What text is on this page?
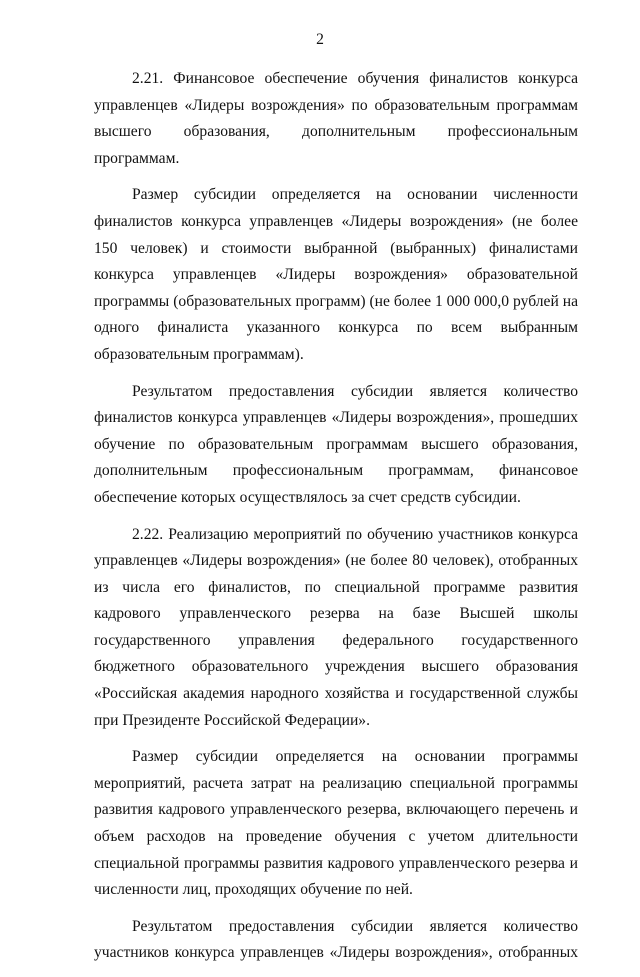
2

2.21. Финансовое обеспечение обучения финалистов конкурса управленцев «Лидеры возрождения» по образовательным программам высшего образования, дополнительным профессиональным программам.

Размер субсидии определяется на основании численности финалистов конкурса управленцев «Лидеры возрождения» (не более 150 человек) и стоимости выбранной (выбранных) финалистами конкурса управленцев «Лидеры возрождения» образовательной программы (образовательных программ) (не более 1 000 000,0 рублей на одного финалиста указанного конкурса по всем выбранным образовательным программам).

Результатом предоставления субсидии является количество финалистов конкурса управленцев «Лидеры возрождения», прошедших обучение по образовательным программам высшего образования, дополнительным профессиональным программам, финансовое обеспечение которых осуществлялось за счет средств субсидии.

2.22. Реализацию мероприятий по обучению участников конкурса управленцев «Лидеры возрождения» (не более 80 человек), отобранных из числа его финалистов, по специальной программе развития кадрового управленческого резерва на базе Высшей школы государственного управления федерального государственного бюджетного образовательного учреждения высшего образования «Российская академия народного хозяйства и государственной службы при Президенте Российской Федерации».

Размер субсидии определяется на основании программы мероприятий, расчета затрат на реализацию специальной программы развития кадрового управленческого резерва, включающего перечень и объем расходов на проведение обучения с учетом длительности специальной программы развития кадрового управленческого резерва и численности лиц, проходящих обучение по ней.

Результатом предоставления субсидии является количество участников конкурса управленцев «Лидеры возрождения», отобранных
